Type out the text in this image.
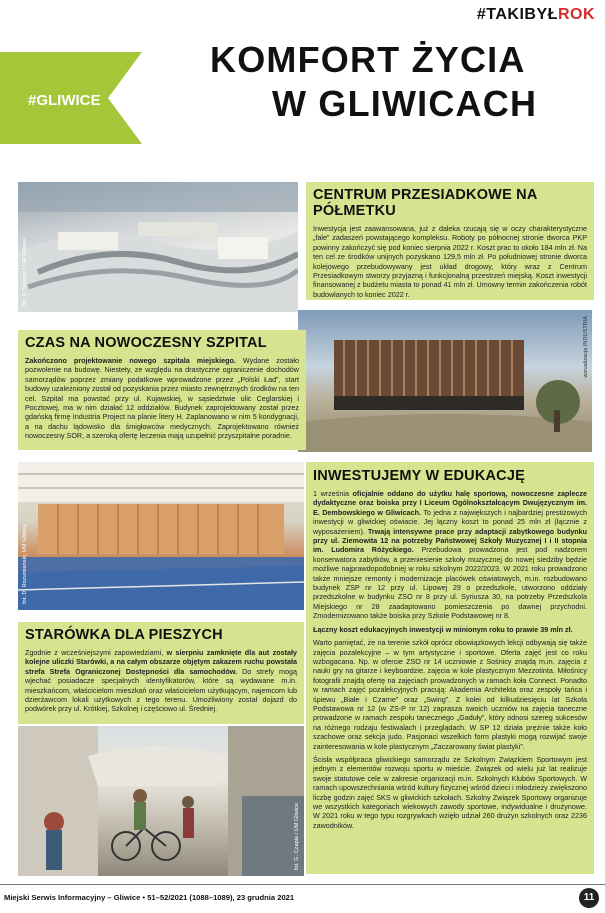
#TAKIBYŁROK
#GLIWICE
KOMFORT ŻYCIA
W GLIWICACH
fot. D. Marzec / UM Gliwice
CENTRUM PRZESIADKOWE NA PÓŁMETKU
Inwestycja jest zaawansowana, już z daleka rzucają się w oczy charakterystyczne „fale” zadaszeń powstającego kompleksu. Roboty po północnej stronie dworca PKP powinny zakończyć się pod koniec sierpnia 2022 r. Koszt prac to około 184 mln zł. Na ten cel ze środków unijnych pozyskano 129,5 mln zł. Po południowej stronie dworca kolejowego przebudowywany jest układ drogowy, który wraz z Centrum Przesiadkowym stworzy przyjazną i funkcjonalną przestrzeń miejską. Koszt inwestycji finansowanej z budżetu miasta to ponad 41 mln zł. Umowny termin zakończenia robót budowlanych to koniec 2022 r.
wizualizacja INDUSTRIA
CZAS NA NOWOCZESNY SZPITAL
Zakończono projektowanie nowego szpitala miejskiego. Wydane zostało pozwolenie na budowę. Niestety, ze względu na drastyczne ograniczenie dochodów samorządów poprzez zmiany podatkowe wprowadzone przez „Polski Ład”, start budowy uzależniony został od pozyskania przez miasto zewnętrznych środków na ten cel. Szpital ma powstać przy ul. Kujawskiej, w sąsiedztwie ulic Ceglarskiej i Pocztowej, ma w nim działać 12 oddziałów. Budynek zaprojektowany został przez gdańską firmę Industria Project na planie litery H. Zaplanowano w nim 5 kondygnacji, a na dachu lądowisko dla śmigłowców medycznych. Zaprojektowano również nowoczesny SOR, a szeroką ofertę leczenia mają uzupełnić przyszpitalne poradnie.
fot. D. Rozumiański, UM Gliwice
INWESTUJEMY W EDUKACJĘ
1 września oficjalnie oddano do użytku halę sportową, nowoczesne zaplecze dydaktyczne oraz boiska przy I Liceum Ogólnokształcącym Dwujęzycznym im. E. Dembowskiego w Gliwicach. To jedna z największych i najbardziej prestiżowych inwestycji w gliwickiej oświacie. Jej łączny koszt to ponad 25 mln zł (łącznie z wyposażeniem). Trwają intensywne prace przy adaptacji zabytkowego budynku przy ul. Ziemowita 12 na potrzeby Państwowej Szkoły Muzycznej I i II stopnia im. Ludomira Różyckiego. Przebudowa prowadzona jest pod nadzorem konserwatora zabytków, a przeniesienie szkoły muzycznej do nowej siedziby będzie możliwe najprawdopodobniej w roku szkolnym 2022/2023. W 2021 roku prowadzono także mniejsze remonty i modernizacje placówek oświatowych, m.in. rozbudowano budynek ZSP nr 12 przy ul. Lipowej 29 o przedszkole, utworzono oddziały przedszkolne w budynku ZSO nr 8 przy ul. Syriusza 30, na potrzeby Przedszkola Miejskiego nr 28 zaadaptowano pomieszczenia po dawnej przychodni. Zmodernizowano także boiska przy Szkole Podstawowej nr 8.
Łączny koszt edukacyjnych inwestycji w minionym roku to prawie 39 mln zł.
Warto pamiętać, że na terenie szkół oprócz obowiązkowych lekcji odbywają się także zajęcia pozalekcyjne – w tym artystyczne i sportowe. Oferta zajęć jest co roku wzbogacana. Np. w ofercie ZSO nr 14 uczniowie z Sośnicy znajdą m.in. zajęcia z nauki gry na gitarze i keyboardzie, zajęcia w kole plastycznym Mezzotinta. Miłośnicy fotografii znajdą ofertę na zajęciach prowadzonych w ramach koła Connect. Ponadto w ramach zajęć pozalekcyjnych pracują: Akademia Architekta oraz zespoły tańca i śpiewu „Białe i Czarne” oraz „Swing”. Z kolei od kilkudziesięciu lat Szkoła Podstawowa nr 12 (w ZS-P nr 12) zaprasza swoich uczniów na zajęcia taneczne prowadzone w ramach zespołu tanecznego „Gaduły”, który odnosi szereg sukcesów na różnego rodzaju festiwalach i przeglądach. W SP 12 działa prężnie także koło szachowe oraz sekcja judo. Pasjonaci wszelkich form plastyki mogą rozwijać swoje zainteresowania w kole plastycznym „Zaczarowany świat plastyki”.
Ścisła współpraca gliwickiego samorządu ze Szkolnym Związkiem Sportowym jest jednym z elementów rozwoju sportu w mieście. Związek od wielu już lat realizuje swoje statutowe cele w zakresie organizacji m.in. Szkolnych Klubów Sportowych. W ramach upowszechniania wśród kultury fizycznej wśród dzieci i młodzieży zwiększono liczbę godzin zajęć SKS w gliwickich szkołach. Szkolny Związek Sportowy organizuje we wszystkich kategoriach wiekowych zawody sportowe, indywidualne i drużynowe. W 2021 roku w tego typu rozgrywkach wzięło udział 260 drużyn szkolnych oraz 2236 zawodników.
STARÓWKA DLA PIESZYCH
Zgodnie z wcześniejszymi zapowiedziami, w sierpniu zamknięte dla aut zostały kolejne uliczki Starówki, a na całym obszarze objętym zakazem ruchu powstała strefa Strefa Ograniczonej Dostępności dla samochodów. Do strefy mogą wjechać posiadacze specjalnych identyfikatorów, które są wydawane m.in. mieszkańcom, właścicielom mieszkań oraz właścicielom użytkującym, najemcom lub dzierżawcom lokali użytkowych z tego terenu. Umożliwiony został dojazd do podwórek przy ul. Krótkiej, Szkolnej i częściowo ul. Średniej.
fot. G. Czapla / UM Gliwice
Miejski Serwis Informacyjny – Gliwice • 51–52/2021 (1088–1089), 23 grudnia 2021	11
